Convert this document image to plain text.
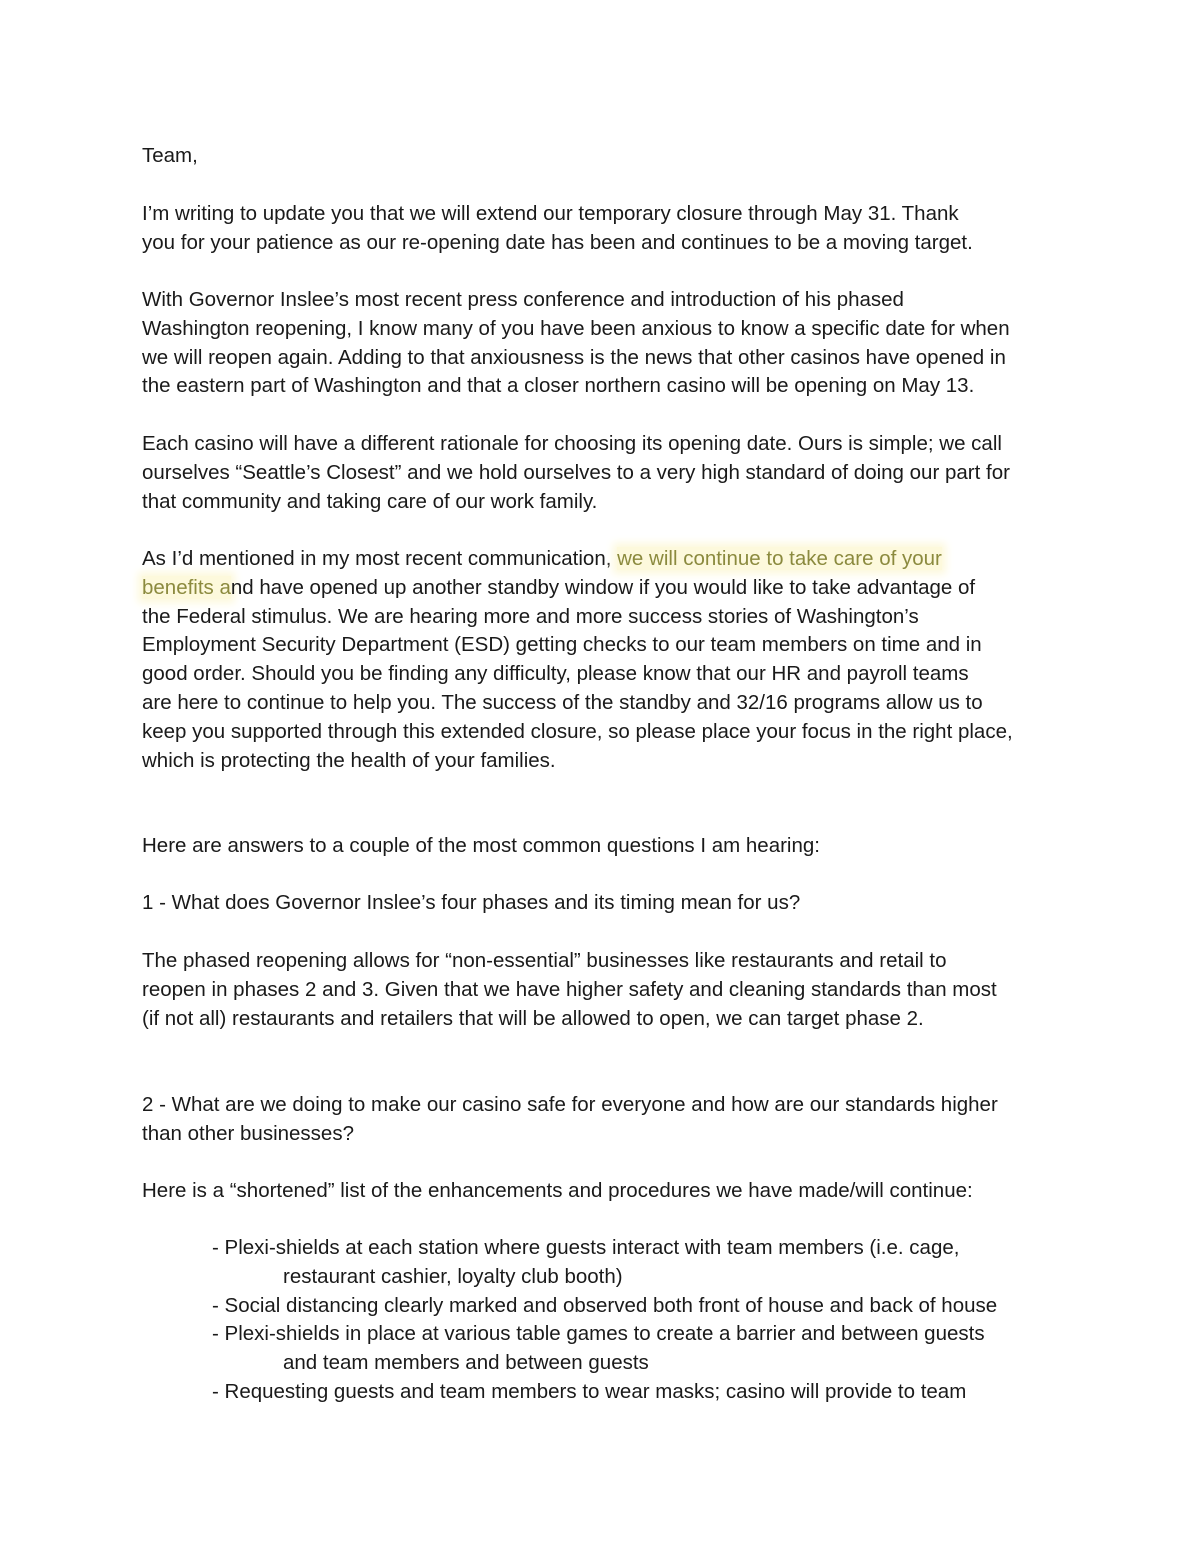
Team,

I’m writing to update you that we will extend our temporary closure through May 31. Thank
you for your patience as our re-opening date has been and continues to be a moving target.

With Governor Inslee’s most recent press conference and introduction of his phased
Washington reopening, I know many of you have been anxious to know a specific date for when
we will reopen again. Adding to that anxiousness is the news that other casinos have opened in
the eastern part of Washington and that a closer northern casino will be opening on May 13.

Each casino will have a different rationale for choosing its opening date. Ours is simple; we call
ourselves “Seattle’s Closest” and we hold ourselves to a very high standard of doing our part for
that community and taking care of our work family.

As I’d mentioned in my most recent communication, we will continue to take care of your
benefits and have opened up another standby window if you would like to take advantage of
the Federal stimulus. We are hearing more and more success stories of Washington’s
Employment Security Department (ESD) getting checks to our team members on time and in
good order. Should you be finding any difficulty, please know that our HR and payroll teams
are here to continue to help you. The success of the standby and 32/16 programs allow us to
keep you supported through this extended closure, so please place your focus in the right place,
which is protecting the health of your families.

Here are answers to a couple of the most common questions I am hearing:

1 - What does Governor Inslee’s four phases and its timing mean for us?

The phased reopening allows for “non-essential” businesses like restaurants and retail to
reopen in phases 2 and 3. Given that we have higher safety and cleaning standards than most
(if not all) restaurants and retailers that will be allowed to open, we can target phase 2.

2 - What are we doing to make our casino safe for everyone and how are our standards higher
than other businesses?

Here is a “shortened” list of the enhancements and procedures we have made/will continue:

- Plexi-shields at each station where guests interact with team members (i.e. cage,
restaurant cashier, loyalty club booth)
- Social distancing clearly marked and observed both front of house and back of house
- Plexi-shields in place at various table games to create a barrier and between guests
and team members and between guests
- Requesting guests and team members to wear masks; casino will provide to team
